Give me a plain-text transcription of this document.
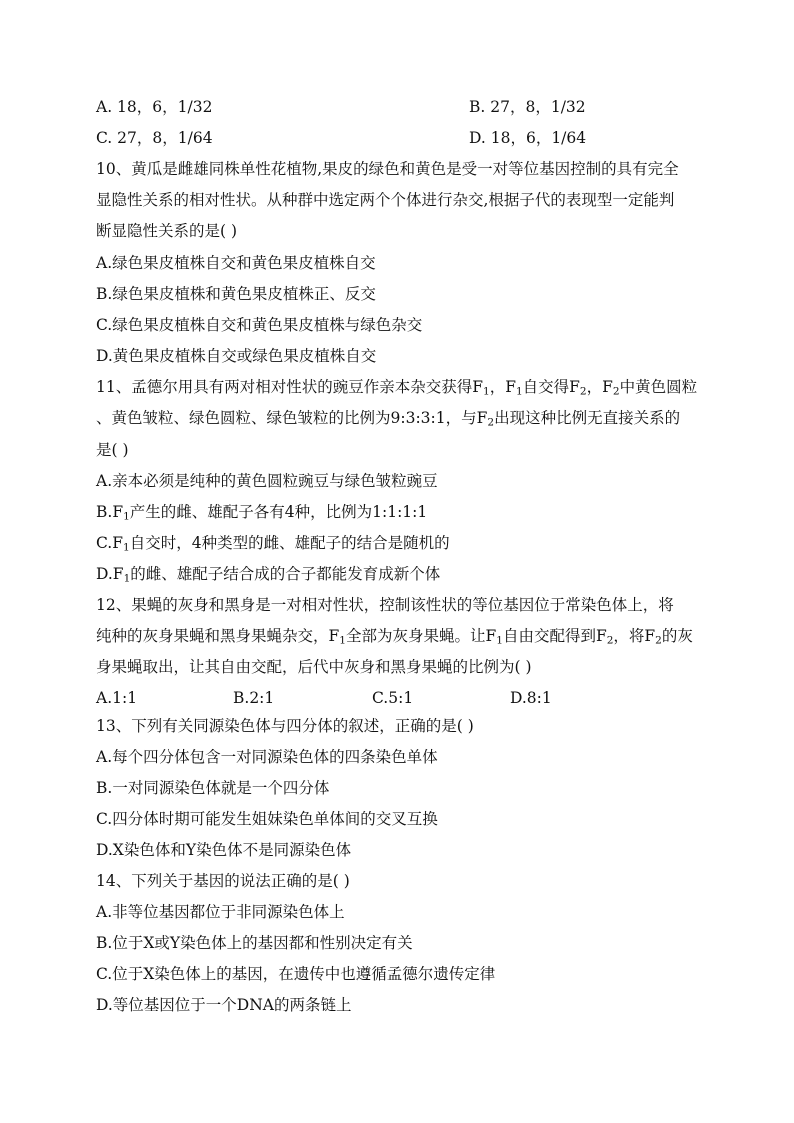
A. 18，6，1/32	B. 27，8，1/32
C. 27，8，1/64	D. 18，6，1/64
10、黄瓜是雌雄同株单性花植物,果皮的绿色和黄色是受一对等位基因控制的具有完全
显隐性关系的相对性状。从种群中选定两个个体进行杂交,根据子代的表现型一定能判
断显隐性关系的是( )
A.绿色果皮植株自交和黄色果皮植株自交
B.绿色果皮植株和黄色果皮植株正、反交
C.绿色果皮植株自交和黄色果皮植株与绿色杂交
D.黄色果皮植株自交或绿色果皮植株自交
11、孟德尔用具有两对相对性状的豌豆作亲本杂交获得$F_1$，$F_1$自交得$F_2$，$F_2$中黄色圆粒
、黄色皱粒、绿色圆粒、绿色皱粒的比例为9:3:3:1，与$F_2$出现这种比例无直接关系的
是( )
A.亲本必须是纯种的黄色圆粒豌豆与绿色皱粒豌豆
$B.F_1$产生的雌、雄配子各有4种，比例为1:1:1:1
$C.F_1$自交时，4种类型的雌、雄配子的结合是随机的
$D.F_1$的雌、雄配子结合成的合子都能发育成新个体
12、果蝇的灰身和黑身是一对相对性状，控制该性状的等位基因位于常染色体上，将
纯种的灰身果蝇和黑身果蝇杂交，$F_1$全部为灰身果蝇。让$F_1$自由交配得到$F_2$，将$F_2$的灰
身果蝇取出，让其自由交配，后代中灰身和黑身果蝇的比例为( )
A.1:1	B.2:1	C.5:1	D.8:1
13、下列有关同源染色体与四分体的叙述，正确的是( )
A.每个四分体包含一对同源染色体的四条染色单体
B.一对同源染色体就是一个四分体
C.四分体时期可能发生姐妹染色单体间的交叉互换
D.X染色体和Y染色体不是同源染色体
14、下列关于基因的说法正确的是( )
A.非等位基因都位于非同源染色体上
B.位于X或Y染色体上的基因都和性别决定有关
C.位于X染色体上的基因，在遗传中也遵循孟德尔遗传定律
D.等位基因位于一个DNA的两条链上
